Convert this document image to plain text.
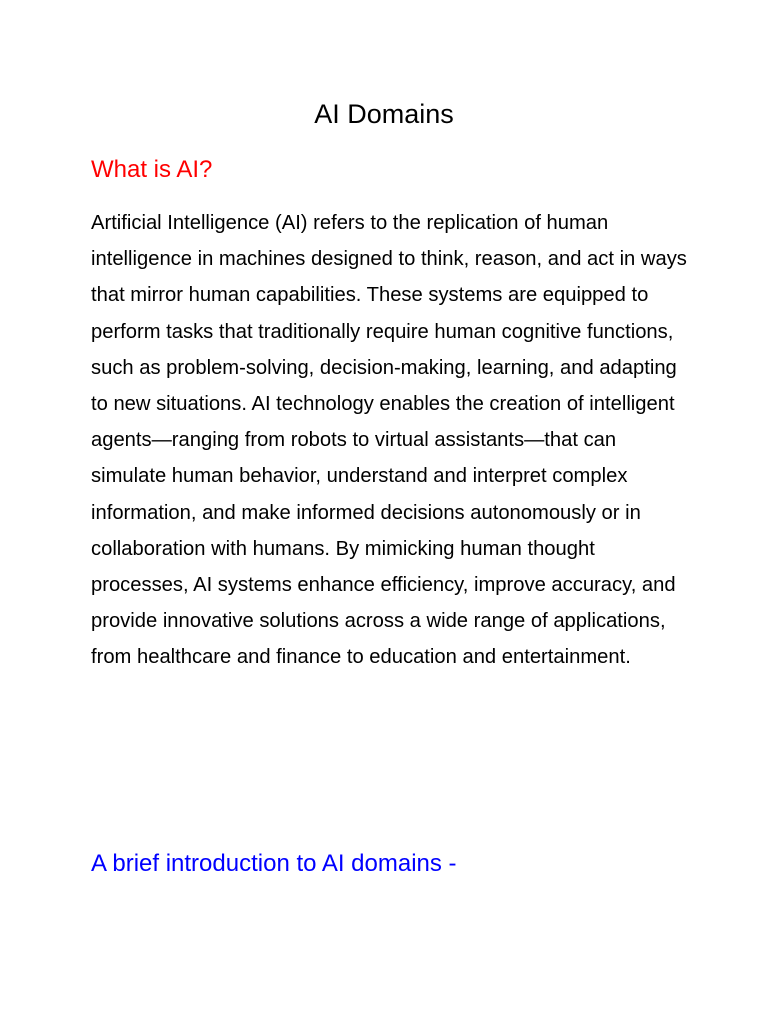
AI Domains
What is AI?

Artificial Intelligence (AI) refers to the replication of human intelligence in machines designed to think, reason, and act in ways that mirror human capabilities. These systems are equipped to perform tasks that traditionally require human cognitive functions, such as problem-solving, decision-making, learning, and adapting to new situations. AI technology enables the creation of intelligent agents—ranging from robots to virtual assistants—that can simulate human behavior, understand and interpret complex information, and make informed decisions autonomously or in collaboration with humans. By mimicking human thought processes, AI systems enhance efficiency, improve accuracy, and provide innovative solutions across a wide range of applications, from healthcare and finance to education and entertainment.

A brief introduction to AI domains -
